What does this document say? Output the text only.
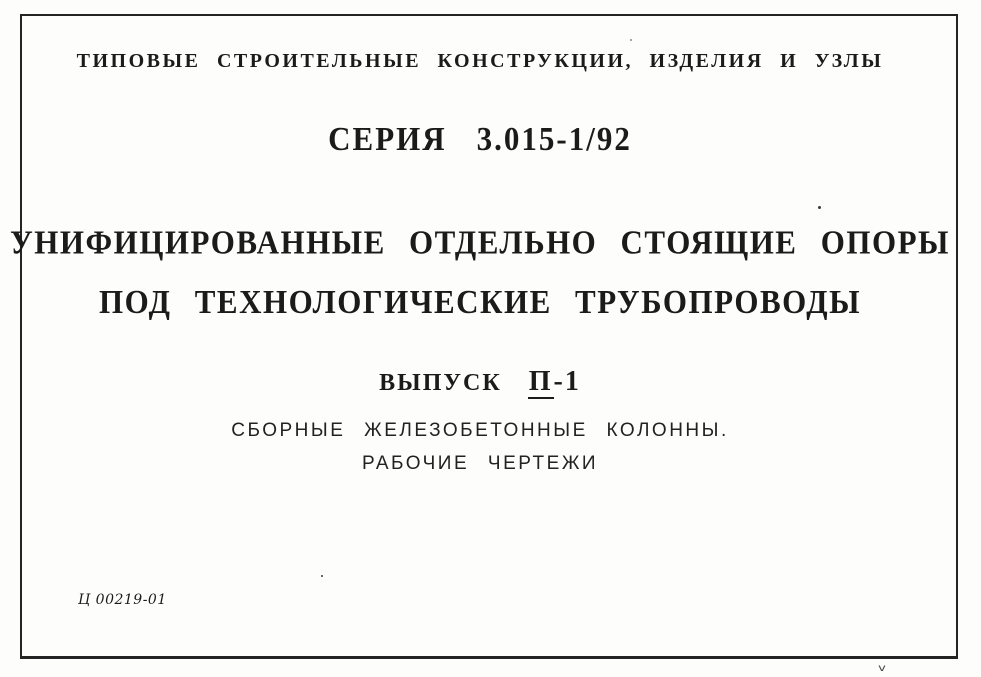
ТИПОВЫЕ СТРОИТЕЛЬНЫЕ КОНСТРУКЦИИ, ИЗДЕЛИЯ И УЗЛЫ
СЕРИЯ 3.015-1/92
УНИФИЦИРОВАННЫЕ ОТДЕЛЬНО СТОЯЩИЕ ОПОРЫ
ПОД ТЕХНОЛОГИЧЕСКИЕ ТРУБОПРОВОДЫ
ВЫПУСК П-1
СБОРНЫЕ ЖЕЛЕЗОБЕТОННЫЕ КОЛОННЫ.
РАБОЧИЕ ЧЕРТЕЖИ
Ц 00219-01
v
